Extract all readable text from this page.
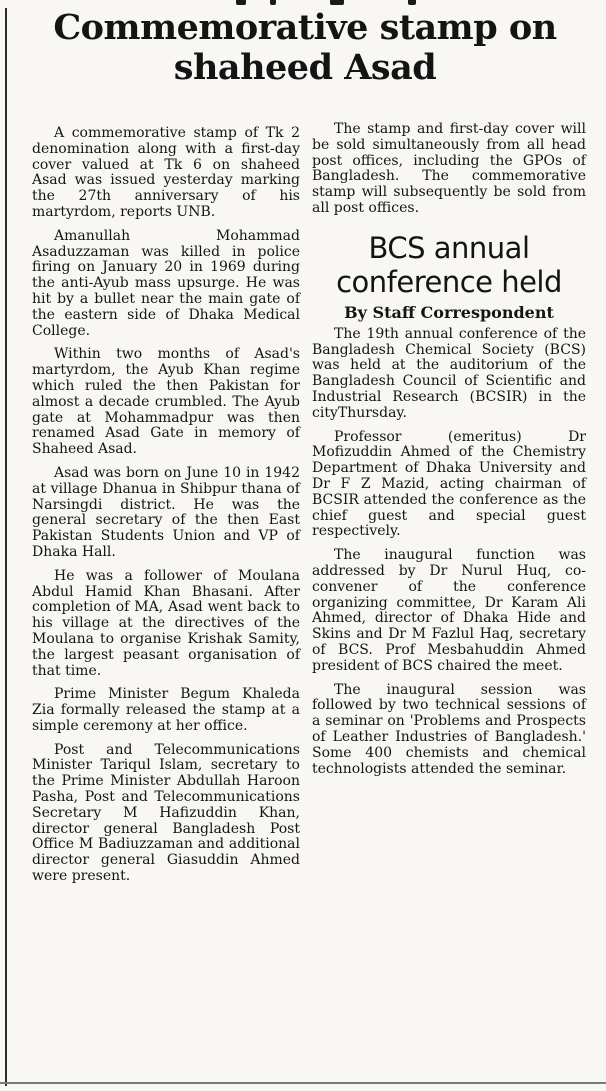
Commemorative stamp on shaheed Asad

A commemorative stamp of Tk 2 denomination along with a first-day cover valued at Tk 6 on shaheed Asad was issued yesterday marking the 27th anniversary of his martyrdom, reports UNB.

Amanullah Mohammad Asaduzzaman was killed in police firing on January 20 in 1969 during the anti-Ayub mass upsurge. He was hit by a bullet near the main gate of the eastern side of Dhaka Medical College.

Within two months of Asad's martyrdom, the Ayub Khan regime which ruled the then Pakistan for almost a decade crumbled. The Ayub gate at Mohammadpur was then renamed Asad Gate in memory of Shaheed Asad.

Asad was born on June 10 in 1942 at village Dhanua in Shibpur thana of Narsingdi district. He was the general secretary of the then East Pakistan Students Union and VP of Dhaka Hall.

He was a follower of Moulana Abdul Hamid Khan Bhasani. After completion of MA, Asad went back to his village at the directives of the Moulana to organise Krishak Samity, the largest peasant organisation of that time.

Prime Minister Begum Khaleda Zia formally released the stamp at a simple ceremony at her office.

Post and Telecommunications Minister Tariqul Islam, secretary to the Prime Minister Abdullah Haroon Pasha, Post and Telecommunications Secretary M Hafizuddin Khan, director general Bangladesh Post Office M Badiuzzaman and additional director general Giasuddin Ahmed were present.

The stamp and first-day cover will be sold simultaneously from all head post offices, including the GPOs of Bangladesh. The commemorative stamp will subsequently be sold from all post offices.

BCS annual conference held
By Staff Correspondent

The 19th annual conference of the Bangladesh Chemical Society (BCS) was held at the auditorium of the Bangladesh Council of Scientific and Industrial Research (BCSIR) in the cityThursday.

Professor (emeritus) Dr Mofizuddin Ahmed of the Chemistry Department of Dhaka University and Dr F Z Mazid, acting chairman of BCSIR attended the conference as the chief guest and special guest respectively.

The inaugural function was addressed by Dr Nurul Huq, co-convener of the conference organizing committee, Dr Karam Ali Ahmed, director of Dhaka Hide and Skins and Dr M Fazlul Haq, secretary of BCS. Prof Mesbahuddin Ahmed president of BCS chaired the meet.

The inaugural session was followed by two technical sessions of a seminar on 'Problems and Prospects of Leather Industries of Bangladesh.' Some 400 chemists and chemical technologists attended the seminar.
